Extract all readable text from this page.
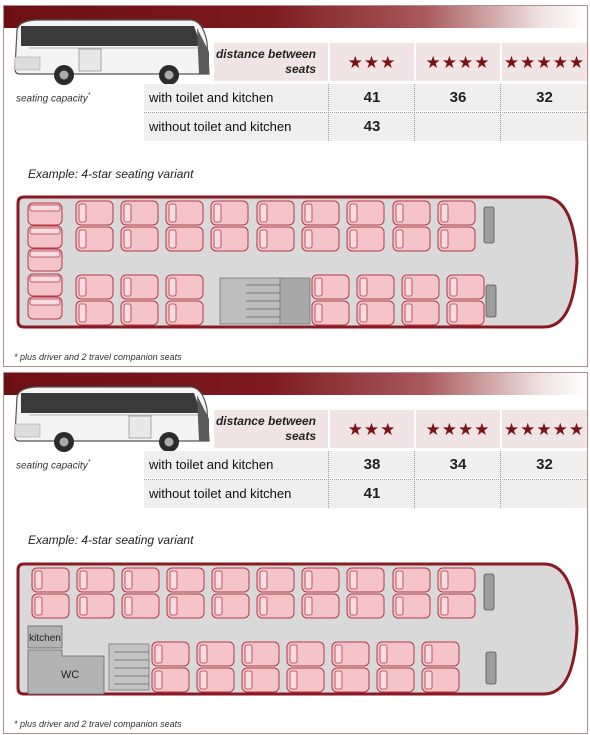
distance between seats	★★★	★★★★ ★★★★★
seating capacity*	with toilet and kitchen	41	36	32
without toilet and kitchen	43
Example: 4-star seating variant
* plus driver and 2 travel companion seats
distance between seats	★★★	★★★★ ★★★★★
seating capacity*	with toilet and kitchen	38	34	32
without toilet and kitchen	41
Example: 4-star seating variant
kitchen
WC
* plus driver and 2 travel companion seats
